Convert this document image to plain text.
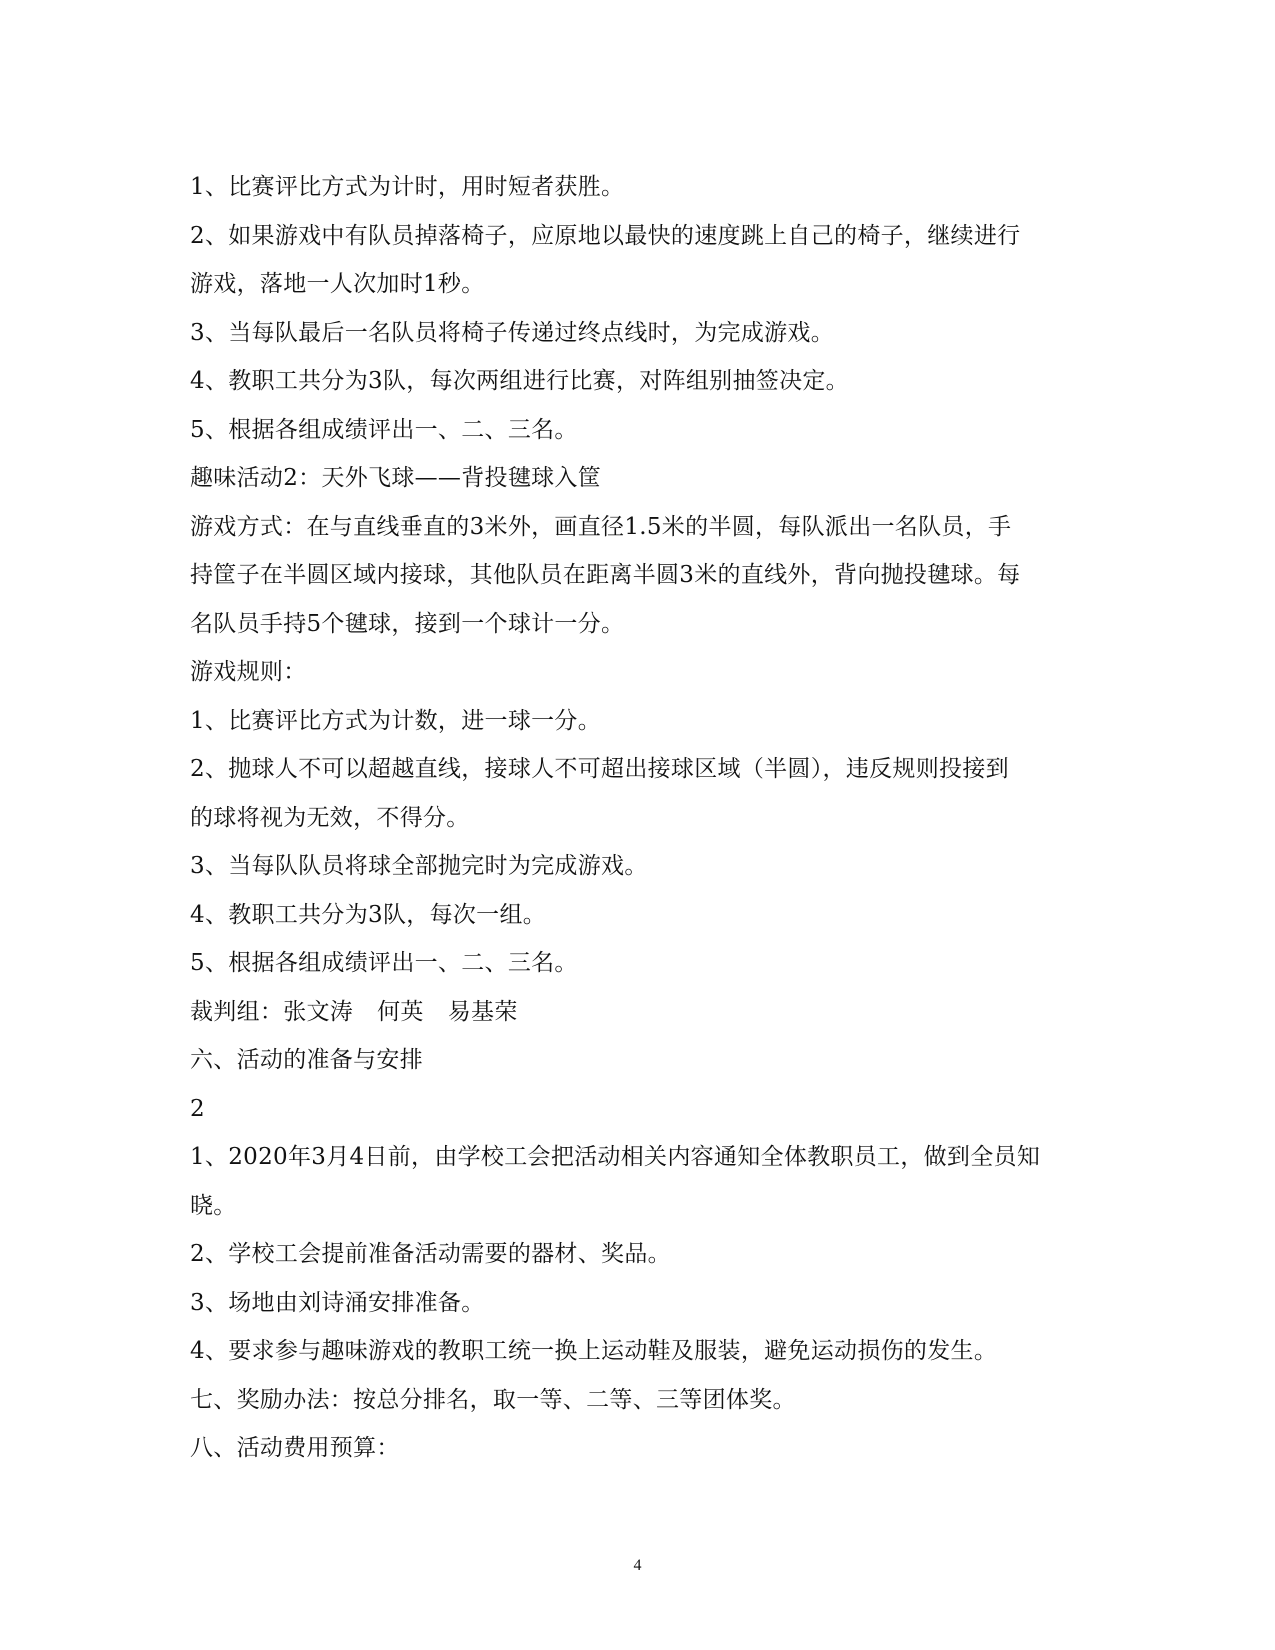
1、比赛评比方式为计时，用时短者获胜。
2、如果游戏中有队员掉落椅子，应原地以最快的速度跳上自己的椅子，继续进行
游戏，落地一人次加时1秒。
3、当每队最后一名队员将椅子传递过终点线时，为完成游戏。
4、教职工共分为3队，每次两组进行比赛，对阵组别抽签决定。
5、根据各组成绩评出一、二、三名。
趣味活动2：天外飞球——背投毽球入筐
游戏方式：在与直线垂直的3米外，画直径1.5米的半圆，每队派出一名队员，手
持筐子在半圆区域内接球，其他队员在距离半圆3米的直线外，背向抛投毽球。每
名队员手持5个毽球，接到一个球计一分。
游戏规则：
1、比赛评比方式为计数，进一球一分。
2、抛球人不可以超越直线，接球人不可超出接球区域（半圆），违反规则投接到
的球将视为无效，不得分。
3、当每队队员将球全部抛完时为完成游戏。
4、教职工共分为3队，每次一组。
5、根据各组成绩评出一、二、三名。
裁判组：张文涛 何英 易基荣
六、活动的准备与安排
2
1、2020年3月4日前，由学校工会把活动相关内容通知全体教职员工，做到全员知
晓。
2、学校工会提前准备活动需要的器材、奖品。
3、场地由刘诗涌安排准备。
4、要求参与趣味游戏的教职工统一换上运动鞋及服装，避免运动损伤的发生。
七、奖励办法：按总分排名，取一等、二等、三等团体奖。
八、活动费用预算：
4
